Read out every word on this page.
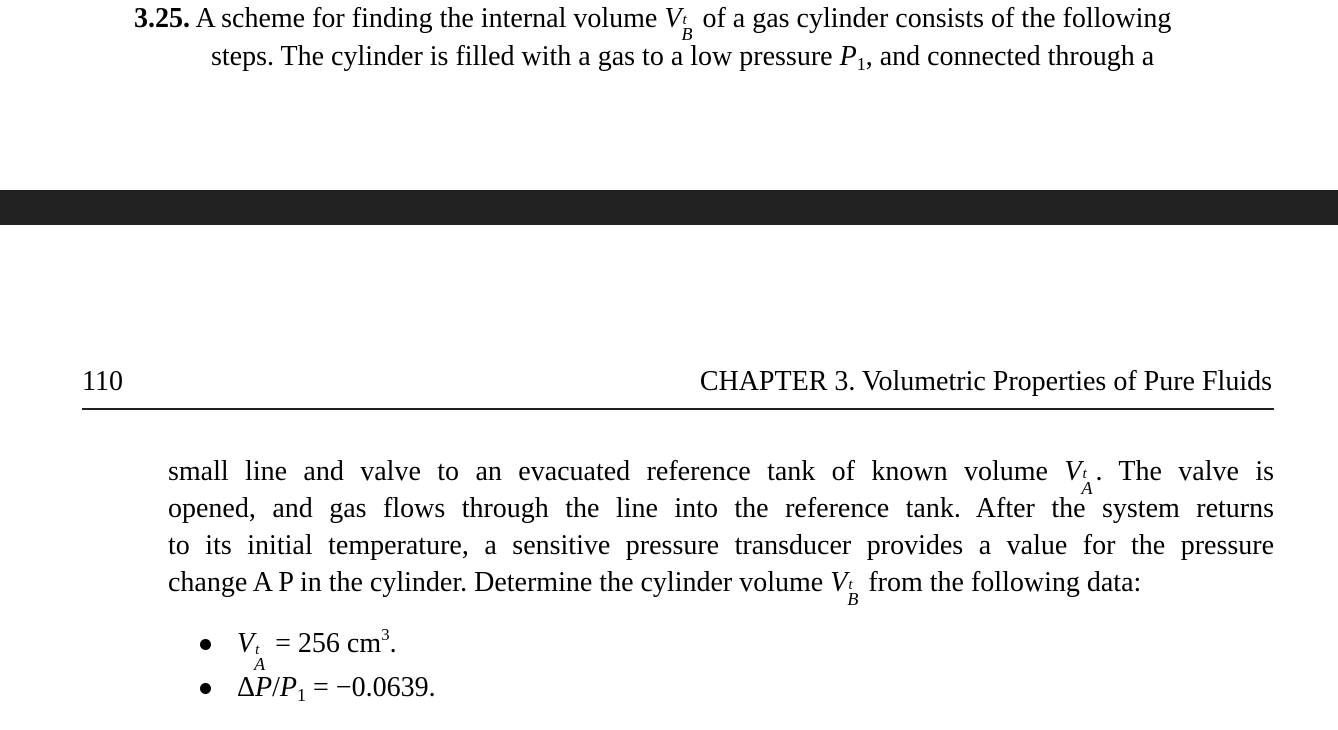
3.25. A scheme for finding the internal volume V t
B of a gas cylinder consists of the following
steps. The cylinder is filled with a gas to a low pressure P1, and connected through a
110	CHAPTER 3. Volumetric Properties of Pure Fluids
small line and valve to an evacuated reference tank of known volume V t
A
. The valve is
opened, and gas flows through the line into the reference tank. After the system returns
to its initial temperature, a sensitive pressure transducer provides a value for the pressure
change A P in the cylinder. Determine the cylinder volume V t
B
from the following data:
V t
A
= 256 $cm^3$.
ΔP/P1 = −0.0639.
